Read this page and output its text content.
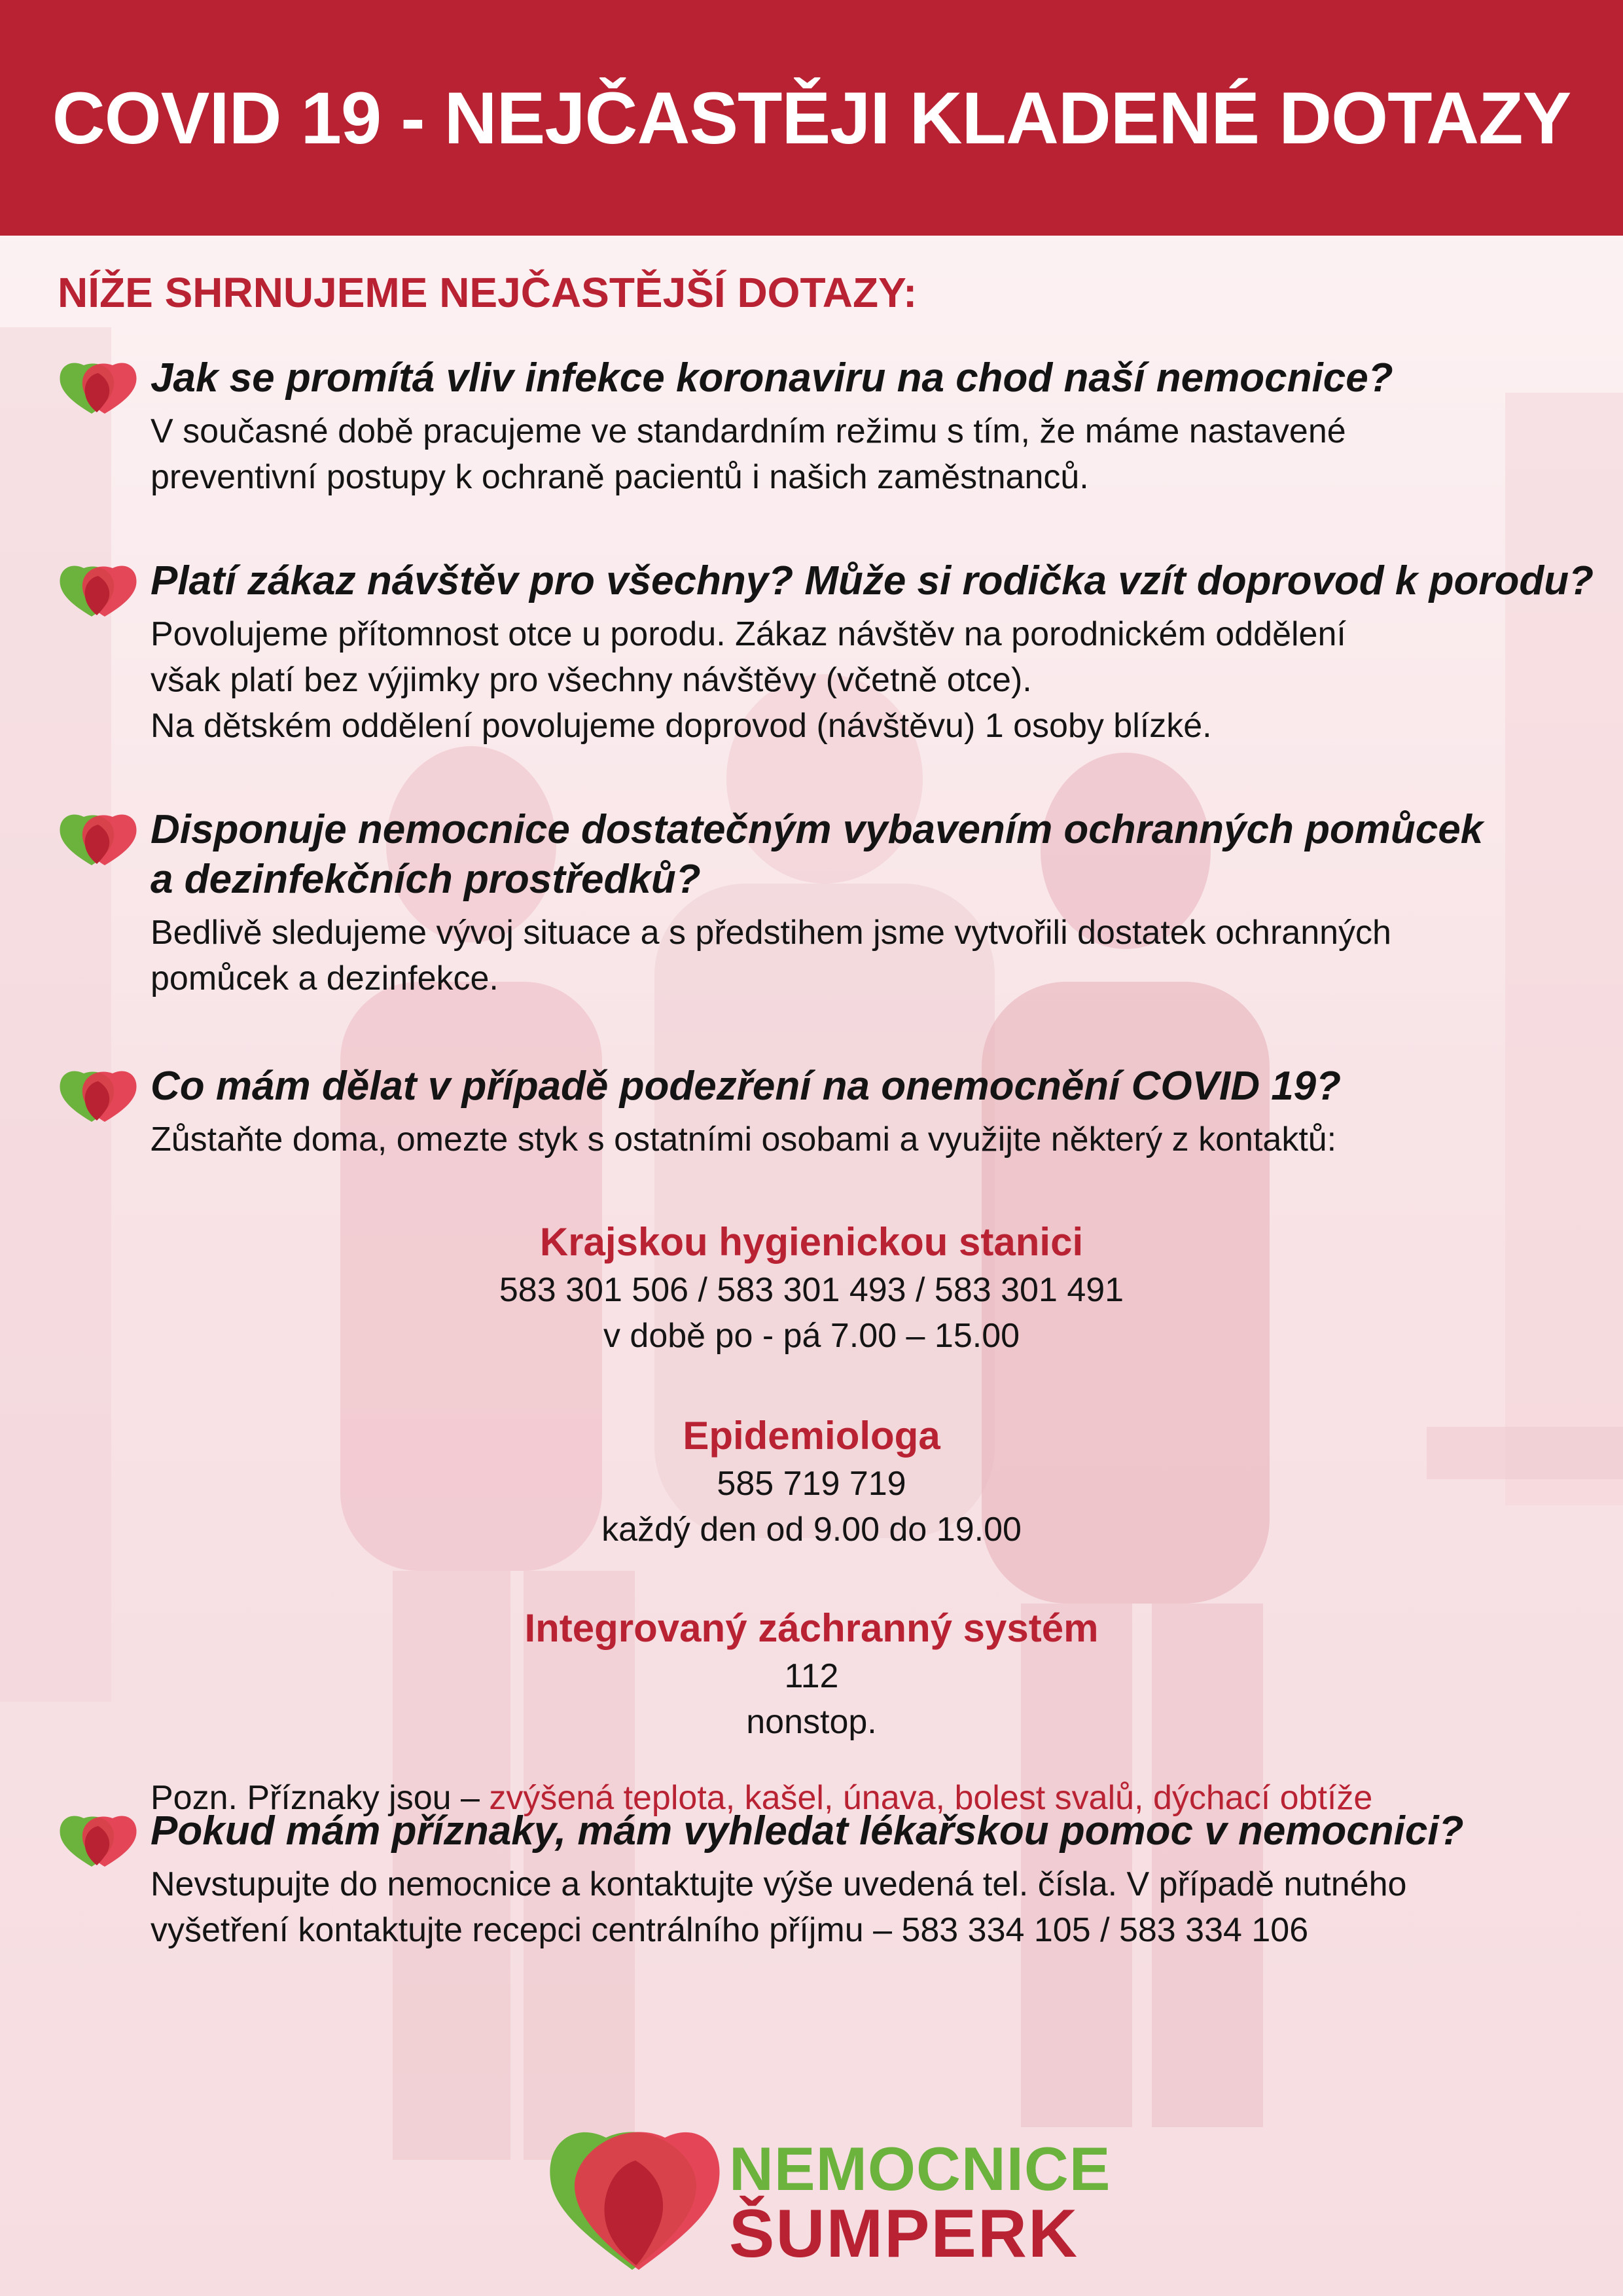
COVID 19 - NEJČASTĚJI KLADENÉ DOTAZY
NÍŽE SHRNUJEME NEJČASTĚJŠÍ DOTAZY:
Jak se promítá vliv infekce koronaviru na chod naší nemocnice?
V současné době pracujeme ve standardním režimu s tím, že máme nastavené
preventivní postupy k ochraně pacientů i našich zaměstnanců.
Platí zákaz návštěv pro všechny? Může si rodička vzít doprovod k porodu?
Povolujeme přítomnost otce u porodu. Zákaz návštěv na porodnickém oddělení
však platí bez výjimky pro všechny návštěvy (včetně otce).
Na dětském oddělení povolujeme doprovod (návštěvu) 1 osoby blízké.
Disponuje nemocnice dostatečným vybavením ochranných pomůcek
a dezinfekčních prostředků?
Bedlivě sledujeme vývoj situace a s předstihem jsme vytvořili dostatek ochranných
pomůcek a dezinfekce.
Co mám dělat v případě podezření na onemocnění COVID 19?
Zůstaňte doma, omezte styk s ostatními osobami a využijte některý z kontaktů:
Krajskou hygienickou stanici
583 301 506 / 583 301 493 / 583 301 491
v době po - pá 7.00 – 15.00
Epidemiologa
585 719 719
každý den od 9.00 do 19.00
Integrovaný záchranný systém
112
nonstop.
Pokud mám příznaky, mám vyhledat lékařskou pomoc v nemocnici?
Nevstupujte do nemocnice a kontaktujte výše uvedená tel. čísla. V případě nutného
vyšetření kontaktujte recepci centrálního příjmu – 583 334 105 / 583 334 106
Pozn. Příznaky jsou – zvýšená teplota, kašel, únava, bolest svalů, dýchací obtíže
NEMOCNICE
ŠUMPERK
